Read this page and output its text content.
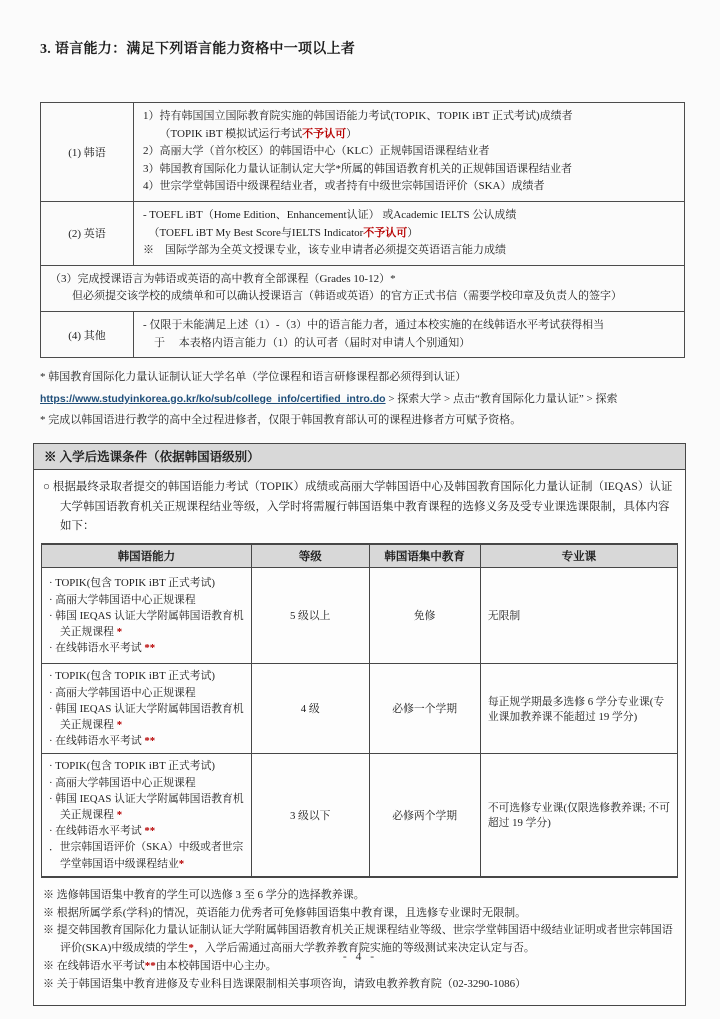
3. 语言能力：满足下列语言能力资格中一项以上者
(1) 韩语	1）持有韩国国立国际教育院实施的韩国语能力考试(TOPIK、TOPIK iBT 正式考试)成绩者
　　（TOPIK iBT 模拟试运行考试不予认可）
2）高丽大学（首尔校区）的韩国语中心（KLC）正规韩国语课程结业者
3）韩国教育国际化力量认证制认定大学*所属的韩国语教育机关的正规韩国语课程结业者
4）世宗学堂韩国语中级课程结业者，或者持有中级世宗韩国语评价（SKA）成绩者

(2) 英语	- TOEFL iBT（Home Edition、Enhancement认证） 或Academic IELTS 公认成绩
　（TOEFL iBT My Best Score与IELTS Indicator不予认可）
※　国际学部为全英文授课专业，该专业申请者必须提交英语语言能力成绩

（3）完成授课语言为韩语或英语的高中教育全部课程（Grades 10-12）*
　　但必须提交该学校的成绩单和可以确认授课语言（韩语或英语）的官方正式书信（需要学校印章及负责人的签字）	

(4) 其他	- 仅限于未能满足上述（1）-（3）中的语言能力者，通过本校实施的在线韩语水平考试获得相当
　于　 本表格内语言能力（1）的认可者（届时对申请人个别通知）
* 韩国教育国际化力量认证制认证大学名单（学位课程和语言研修课程都必须得到认证）
https://www.studyinkorea.go.kr/ko/sub/college_info/certified_intro.do > 探索大学 > 点击“教育国际化力量认证” > 探索
* 完成以韩国语进行教学的高中全过程进修者，仅限于韩国教育部认可的课程进修者方可赋予资格。
※ 入学后选课条件（依据韩国语级别）
○ 根据最终录取者提交的韩国语能力考试（TOPIK）成绩或高丽大学韩国语中心及韩国教育国际化力量认证制（IEQAS）认证大学韩国语教育机关正规课程结业等级，入学时将需履行韩国语集中教育课程的选修义务及受专业课选课限制，具体内容如下：
韩国语能力	等级	韩国语集中教育	专业课

· TOPIK(包含 TOPIK iBT 正式考试)
· 高丽大学韩国语中心正规课程
· 韩国 IEQAS 认证大学附属韩国语教育机关正规课程 *
· 在线韩语水平考试 **	5 级以上	免修	无限制

· TOPIK(包含 TOPIK iBT 正式考试)
· 高丽大学韩国语中心正规课程
· 韩国 IEQAS 认证大学附属韩国语教育机关正规课程 *
· 在线韩语水平考试 **	4 级	必修一个学期	每正规学期最多选修 6 学分专业课(专业课加教养课不能超过 19 学分)

· TOPIK(包含 TOPIK iBT 正式考试)
· 高丽大学韩国语中心正规课程
· 韩国 IEQAS 认证大学附属韩国语教育机关正规课程 *
· 在线韩语水平考试 **
．世宗韩国语评价（SKA）中级或者世宗学堂韩国语中级课程结业*	3 级以下	必修两个学期	不可选修专业课(仅限选修教养课; 不可超过 19 学分)
※ 选修韩国语集中教育的学生可以选修 3 至 6 学分的选择教养课。
※ 根据所属学系(学科)的情况，英语能力优秀者可免修韩国语集中教育课，且选修专业课时无限制。
※ 提交韩国教育国际化力量认证制认证大学附属韩国语教育机关正规课程结业等级、世宗学堂韩国语中级结业证明或者世宗韩国语评价(SKA)中级成绩的学生*，入学后需通过高丽大学教养教育院实施的等级测试来决定认定与否。
※ 在线韩语水平考试**由本校韩国语中心主办。
※ 关于韩国语集中教育进修及专业科目选课限制相关事项咨询，请致电教养教育院（02-3290-1086）
- 4 -
